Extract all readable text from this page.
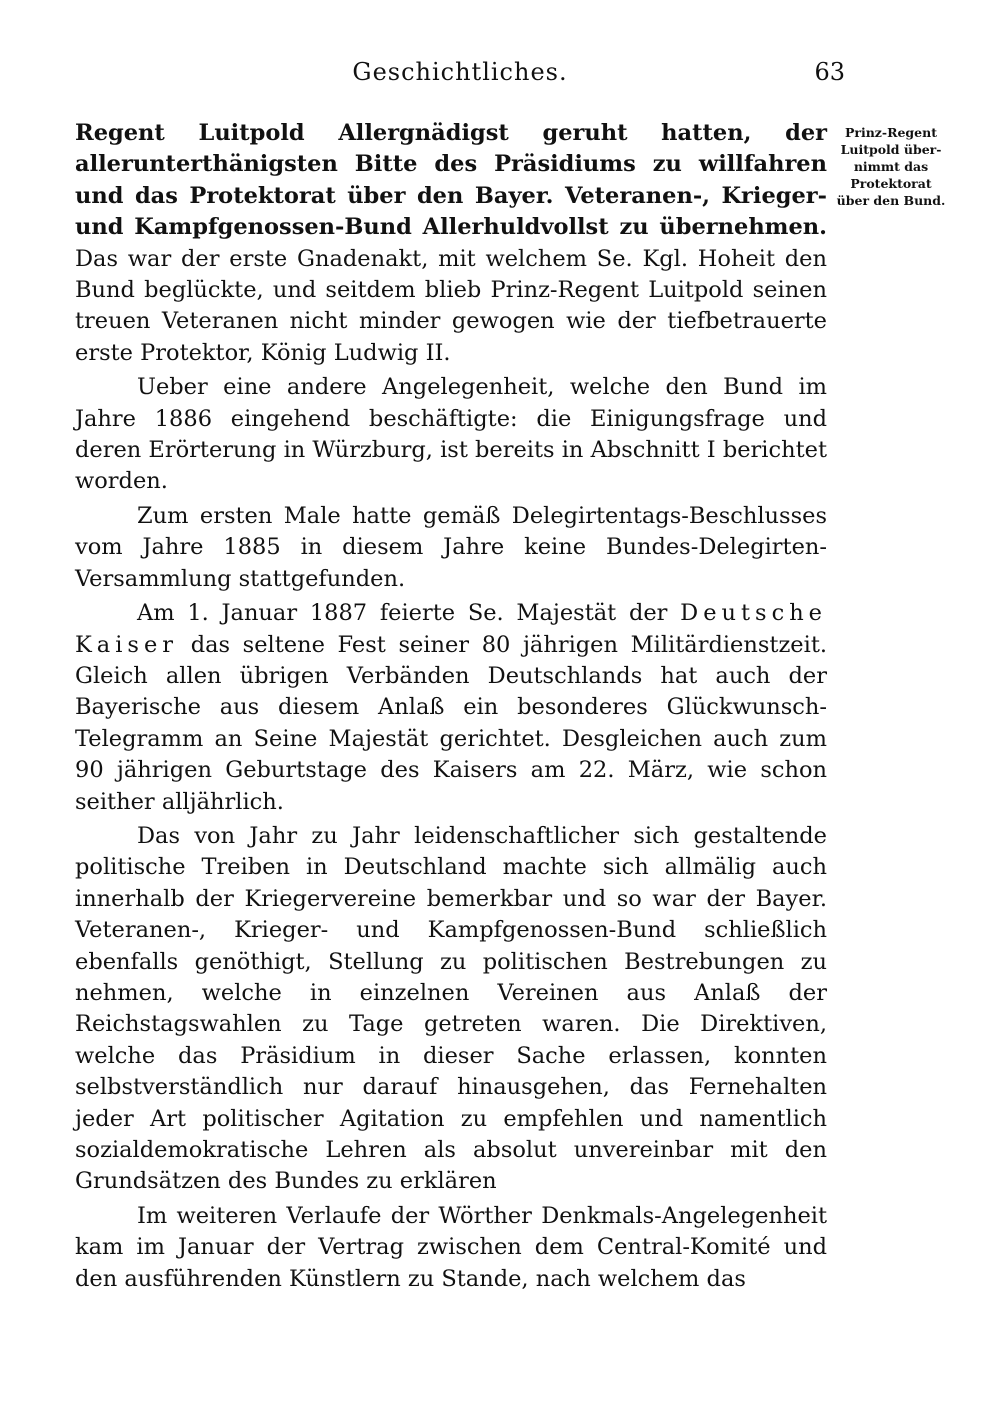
Geschichtliches.	63
Prinz-Regent
Luitpold über-
nimmt das
Protektorat
über den Bund.

Regent Luitpold Allergnädigst geruht hatten, der allerunterthänigsten Bitte des Präsidiums zu willfahren und das Protektorat über den Bayer. Veteranen-, Krieger- und Kampfgenossen-Bund Allerhuldvollst zu übernehmen. Das war der erste Gnadenakt, mit welchem Se. Kgl. Hoheit den Bund beglückte, und seitdem blieb Prinz-Regent Luitpold seinen treuen Veteranen nicht minder gewogen wie der tiefbetrauerte erste Protektor, König Ludwig II.

Ueber eine andere Angelegenheit, welche den Bund im Jahre 1886 eingehend beschäftigte: die Einigungsfrage und deren Erörterung in Würzburg, ist bereits in Abschnitt I berichtet worden.

Zum ersten Male hatte gemäß Delegirtentags-Beschlusses vom Jahre 1885 in diesem Jahre keine Bundes-Delegirten-Versammlung stattgefunden.

Am 1. Januar 1887 feierte Se. Majestät der Deutsche Kaiser das seltene Fest seiner 80 jährigen Militärdienstzeit. Gleich allen übrigen Verbänden Deutschlands hat auch der Bayerische aus diesem Anlaß ein besonderes Glückwunsch-Telegramm an Seine Majestät gerichtet. Desgleichen auch zum 90 jährigen Geburtstage des Kaisers am 22. März, wie schon seither alljährlich.

Das von Jahr zu Jahr leidenschaftlicher sich gestaltende politische Treiben in Deutschland machte sich allmälig auch innerhalb der Kriegervereine bemerkbar und so war der Bayer. Veteranen-, Krieger- und Kampfgenossen-Bund schließlich ebenfalls genöthigt, Stellung zu politischen Bestrebungen zu nehmen, welche in einzelnen Vereinen aus Anlaß der Reichstagswahlen zu Tage getreten waren. Die Direktiven, welche das Präsidium in dieser Sache erlassen, konnten selbstverständlich nur darauf hinausgehen, das Fernehalten jeder Art politischer Agitation zu empfehlen und namentlich sozialdemokratische Lehren als absolut unvereinbar mit den Grundsätzen des Bundes zu erklären

Im weiteren Verlaufe der Wörther Denkmals-Angelegenheit kam im Januar der Vertrag zwischen dem Central-Komité und den ausführenden Künstlern zu Stande, nach welchem das
